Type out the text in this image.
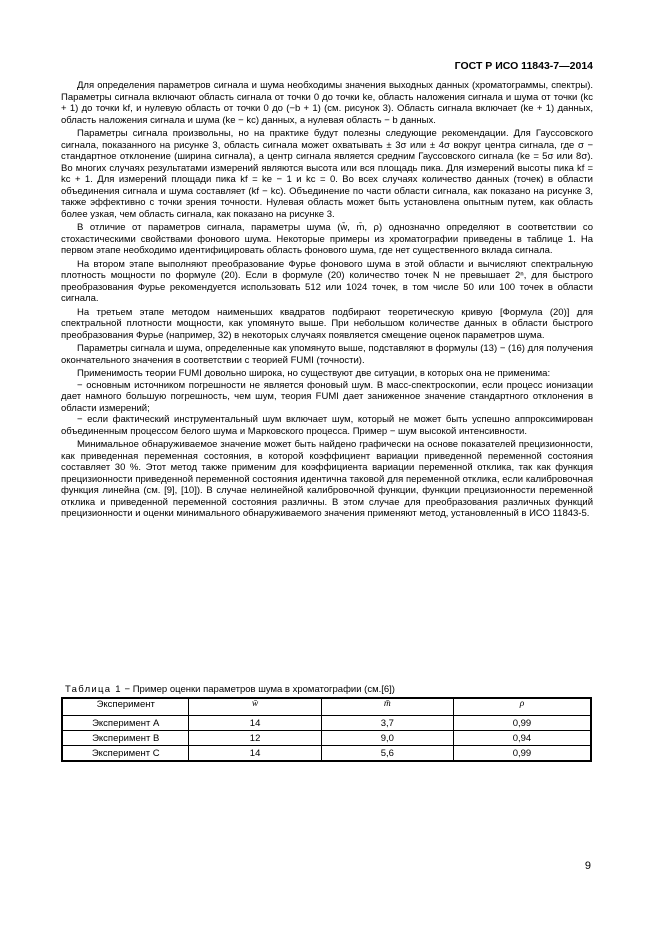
ГОСТ Р ИСО 11843-7—2014

Для определения параметров сигнала и шума необходимы значения выходных данных (хроматограммы, спектры). Параметры сигнала включают область сигнала от точки 0 до точки ke, область наложения сигнала и шума от точки (kc + 1) до точки kf, и нулевую область от точки 0 до (−b + 1) (см. рисунок 3). Область сигнала включает (ke + 1) данных, область наложения сигнала и шума (ke − kc) данных, а нулевая область − b данных.

Параметры сигнала произвольны, но на практике будут полезны следующие рекомендации. Для Гауссовского сигнала, показанного на рисунке 3, область сигнала может охватывать ± 3σ или ± 4σ вокруг центра сигнала, где σ − стандартное отклонение (ширина сигнала), а центр сигнала является средним Гауссовского сигнала (ke = 5σ или 8σ). Во многих случаях результатами измерений являются высота или вся площадь пика. Для измерений высоты пика kf = kc + 1. Для измерений площади пика kf = ke − 1 и kc = 0. Во всех случаях количество данных (точек) в области объединения сигнала и шума составляет (kf − kc). Объединение по части области сигнала, как показано на рисунке 3, также эффективно с точки зрения точности. Нулевая область может быть установлена опытным путем, как область более узкая, чем область сигнала, как показано на рисунке 3.

В отличие от параметров сигнала, параметры шума (w̄, m̄, ρ) однозначно определяют в соответствии со стохастическими свойствами фонового шума. Некоторые примеры из хроматографии приведены в таблице 1. На первом этапе необходимо идентифицировать область фонового шума, где нет существенного вклада сигнала.

На втором этапе выполняют преобразование Фурье фонового шума в этой области и вычисляют спектральную плотность мощности по формуле (20). Если в формуле (20) количество точек N не превышает 2ⁿ, для быстрого преобразования Фурье рекомендуется использовать 512 или 1024 точек, в том числе 50 или 100 точек в области сигнала.

На третьем этапе методом наименьших квадратов подбирают теоретическую кривую [Формула (20)] для спектральной плотности мощности, как упомянуто выше. При небольшом количестве данных в области быстрого преобразования Фурье (например, 32) в некоторых случаях появляется смещение оценок параметров шума.

Параметры сигнала и шума, определенные как упомянуто выше, подставляют в формулы (13) − (16) для получения окончательного значения в соответствии с теорией FUMI (точности).

Применимость теории FUMI довольно широка, но существуют две ситуации, в которых она не применима:

− основным источником погрешности не является фоновый шум. В масс-спектроскопии, если процесс ионизации дает намного большую погрешность, чем шум, теория FUMI дает заниженное значение стандартного отклонения в области измерений;

− если фактический инструментальный шум включает шум, который не может быть успешно аппроксимирован объединенным процессом белого шума и Марковского процесса. Пример − шум высокой интенсивности.

Минимальное обнаруживаемое значение может быть найдено графически на основе показателей прецизионности, как приведенная переменная состояния, в которой коэффициент вариации приведенной переменной состояния составляет 30 %. Этот метод также применим для коэффициента вариации переменной отклика, так как функция прецизионности приведенной переменной состояния идентична таковой для переменной отклика, если калибровочная функция линейна (см. [9], [10]). В случае нелинейной калибровочной функции, функции прецизионности переменной отклика и приведенной переменной состояния различны. В этом случае для преобразования различных функций прецизионности и оценки минимального обнаруживаемого значения применяют метод, установленный в ИСО 11843-5.

Таблица 1 − Пример оценки параметров шума в хроматографии (см.[6])
Эксперимент	w̄	m̄	ρ
Эксперимент А	14	3,7	0,99
Эксперимент В	12	9,0	0,94
Эксперимент С	14	5,6	0,99
9
